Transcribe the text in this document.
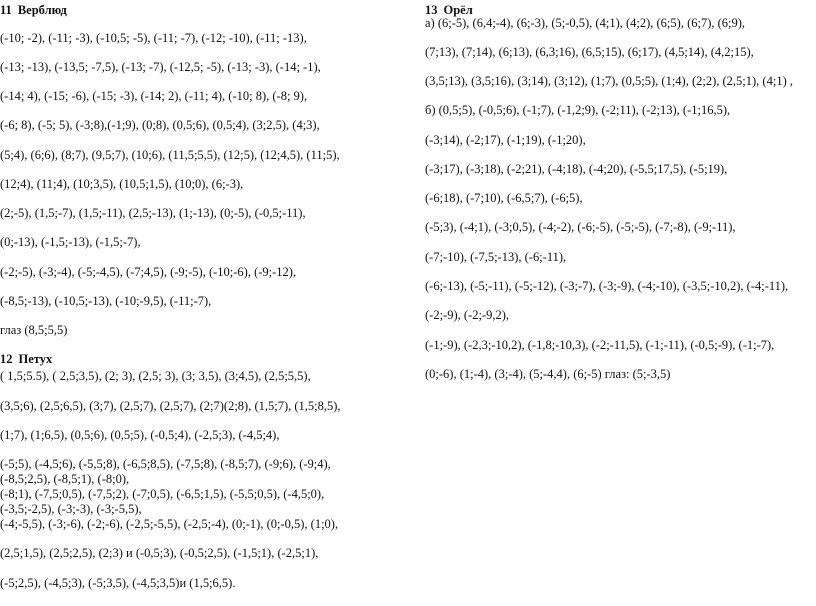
11 Верблюд
(-10; -2), (-11; -3), (-10,5; -5), (-11; -7), (-12; -10), (-11; -13),
(-13; -13), (-13,5; -7,5), (-13; -7), (-12,5; -5), (-13; -3), (-14; -1),
(-14; 4), (-15; -6), (-15; -3), (-14; 2), (-11; 4), (-10; 8), (-8; 9),
(-6; 8), (-5; 5), (-3;8),(-1;9), (0;8), (0,5;6), (0,5;4), (3;2,5), (4;3),
(5;4), (6;6), (8;7), (9,5;7), (10;6), (11,5;5,5), (12;5), (12;4,5), (11;5),
(12;4), (11;4), (10;3,5), (10,5;1,5), (10;0), (6;-3),
(2;-5), (1,5;-7), (1,5;-11), (2,5;-13), (1;-13), (0;-5), (-0,5;-11),
(0;-13), (-1,5;-13), (-1,5;-7),
(-2;-5), (-3;-4), (-5;-4,5), (-7;4,5), (-9;-5), (-10;-6), (-9;-12),
(-8,5;-13), (-10,5;-13), (-10;-9,5), (-11;-7),
глаз (8,5;5,5)
12 Петух
( 1,5;5.5), ( 2,5;3,5), (2; 3), (2,5; 3), (3; 3,5), (3;4,5), (2,5;5,5),
(3,5;6), (2,5;6,5), (3;7), (2,5;7), (2,5;7), (2;7)(2;8), (1,5;7), (1,5;8,5),
(1;7), (1;6,5), (0,5;6), (0,5;5), (-0,5;4), (-2,5;3), (-4,5;4),
(-5;5), (-4,5;6), (-5,5;8), (-6,5;8,5), (-7,5;8), (-8,5;7), (-9;6), (-9;4),
(-8,5;2,5), (-8,5;1), (-8;0),
(-8;1), (-7,5;0,5), (-7,5;2), (-7;0,5), (-6,5;1,5), (-5,5;0,5), (-4,5;0),
(-3,5;-2,5), (-3;-3), (-3;-5,5),
(-4;-5,5), (-3;-6), (-2;-6), (-2,5;-5,5), (-2,5;-4), (0;-1), (0;-0,5), (1;0),
(2,5;1,5), (2,5;2,5), (2;3) и (-0,5;3), (-0,5;2,5), (-1,5;1), (-2,5;1),
(-5;2,5), (-4,5;3), (-5;3,5), (-4,5;3,5)и (1,5;6,5).
13 Орёл
а) (6;-5), (6,4;-4), (6;-3), (5;-0,5), (4;1), (4;2), (6;5), (6;7), (6;9),
(7;13), (7;14), (6;13), (6,3;16), (6,5;15), (6;17), (4,5;14), (4,2;15),
(3,5;13), (3,5;16), (3;14), (3;12), (1;7), (0,5;5), (1;4), (2;2), (2,5;1), (4;1) ,
б) (0,5;5), (-0,5;6), (-1;7), (-1,2;9), (-2;11), (-2;13), (-1;16,5),
(-3;14), (-2;17), (-1;19), (-1;20),
(-3;17), (-3;18), (-2;21), (-4;18), (-4;20), (-5,5;17,5), (-5;19),
(-6;18), (-7;10), (-6,5;7), (-6;5),
(-5;3), (-4;1), (-3;0,5), (-4;-2), (-6;-5), (-5;-5), (-7;-8), (-9;-11),
(-7;-10), (-7,5;-13), (-6;-11),
(-6;-13), (-5;-11), (-5;-12), (-3;-7), (-3;-9), (-4;-10), (-3,5;-10,2), (-4;-11),
(-2;-9), (-2;-9,2),
(-1;-9), (-2,3;-10,2), (-1,8;-10,3), (-2;-11,5), (-1;-11), (-0,5;-9), (-1;-7),
(0;-6), (1;-4), (3;-4), (5;-4,4), (6;-5) глаз: (5;-3,5)
